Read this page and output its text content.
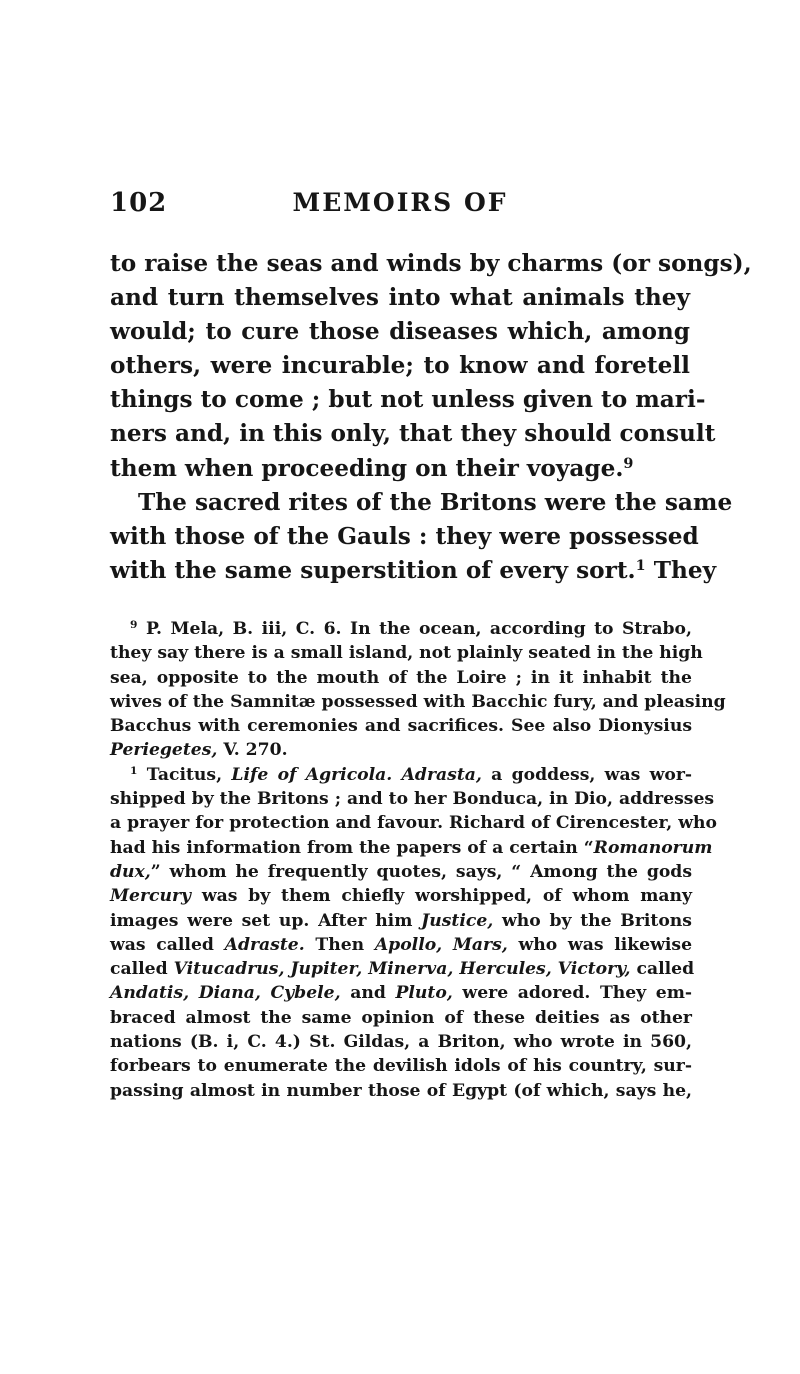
102	MEMOIRS OF
to raise the seas and winds by charms (or songs),
and turn themselves into what animals they
would; to cure those diseases which, among
others, were incurable; to know and foretell
things to come ; but not unless given to mari-
ners and, in this only, that they should consult
them when proceeding on their voyage.$^9$
The sacred rites of the Britons were the same
with those of the Gauls : they were possessed
with the same superstition of every sort.$^1$ They
$^9$ P. Mela, B. iii, C. 6. In the ocean, according to Strabo,
they say there is a small island, not plainly seated in the high
sea, opposite to the mouth of the Loire ; in it inhabit the
wives of the Samnitæ possessed with Bacchic fury, and pleasing
Bacchus with ceremonies and sacrifices. See also Dionysius
Periegetes, V. 270.
$^1$ Tacitus, Life of Agricola. Adrasta, a goddess, was wor-
shipped by the Britons ; and to her Bonduca, in Dio, addresses
a prayer for protection and favour. Richard of Cirencester, who
had his information from the papers of a certain “Romanorum
dux,” whom he frequently quotes, says, “ Among the gods
Mercury was by them chiefly worshipped, of whom many
images were set up. After him Justice, who by the Britons
was called Adraste. Then Apollo, Mars, who was likewise
called Vitucadrus, Jupiter, Minerva, Hercules, Victory, called
Andatis, Diana, Cybele, and Pluto, were adored. They em-
braced almost the same opinion of these deities as other
nations (B. i, C. 4.) St. Gildas, a Briton, who wrote in 560,
forbears to enumerate the devilish idols of his country, sur-
passing almost in number those of Egypt (of which, says he,
